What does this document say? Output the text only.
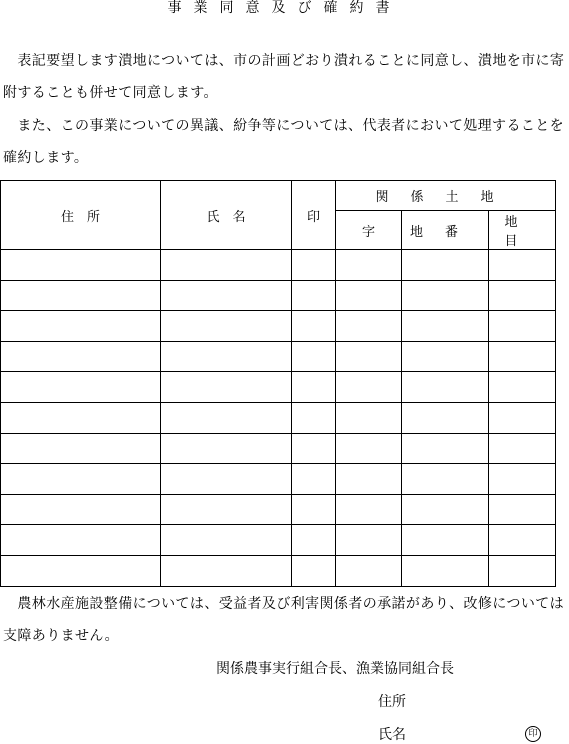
事業同意及び確約書

　表記要望します潰地については、市の計画どおり潰れることに同意し、潰地を市に寄附することも併せて同意します。

　また、この事業についての異議、紛争等については、代表者において処理することを確約します。

住　所	氏　名	印	関係土地		
			字	地番	地目

　農林水産施設整備については、受益者及び利害関係者の承諾があり、改修については支障ありません。

関係農事実行組合長、漁業協同組合長
住所
氏名	印
